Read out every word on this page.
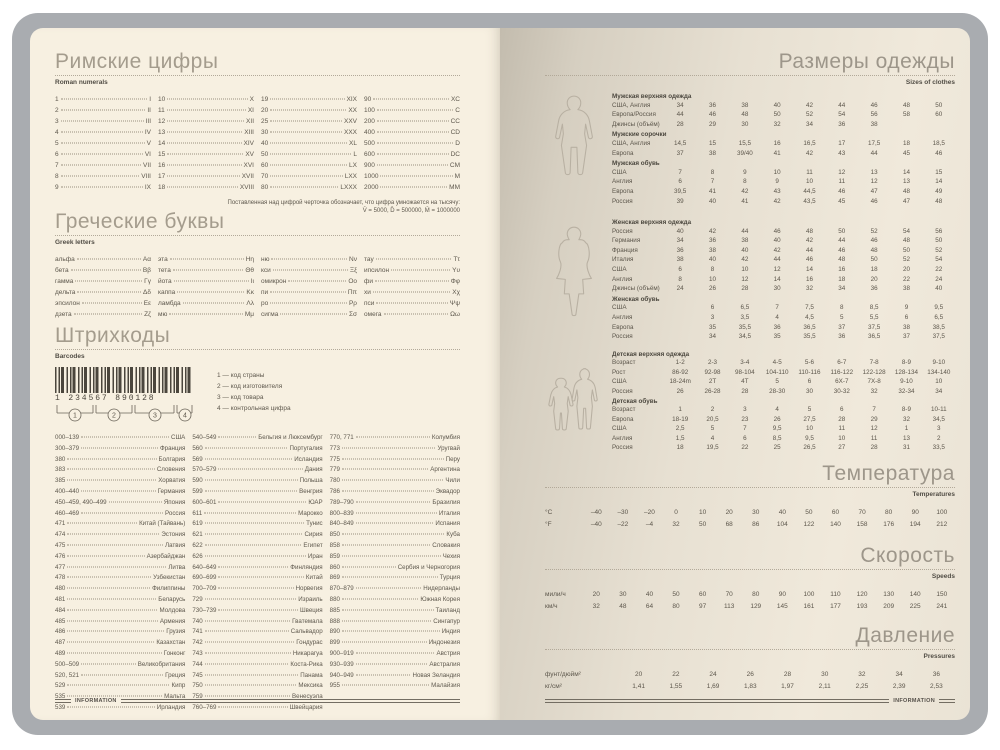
Римские цифры
Roman numerals
1	I
2	II
3	III
4	IV
5	V
6	VI
7	VII
8	VIII
9	IX
10	X
11	XI
12	XII
13	XIII
14	XIV
15	XV
16	XVI
17	XVII
18	XVIII
19	XIX
20	XX
25	XXV
30	XXX
40	XL
50	L
60	LX
70	LXX
80	LXXX
90	XC
100	C
200	CC
400	CD
500	D
600	DC
900	CM
1000	M
2000	MM
Поставленная над цифрой черточка обозначает, что цифра умножается на тысячу:
V̄ = 5000, D̄ = 500000, M̄ = 1000000
Греческие буквы
Greek letters
альфа	Αα
бета	Ββ
гамма	Γγ
дельта	Δδ
эпсилон	Εε
дзета	Ζζ
эта	Ηη
тета	Θθ
йота	Ιι
каппа	Κκ
ламбда	Λλ
мю	Μμ
ню	Νν
кси	Ξξ
омикрон	Οο
пи	Ππ
ро	Ρρ
сигма	Σσ
тау	Ττ
ипсилон	Υυ
фи	Φφ
хи	Χχ
пси	Ψψ
омега	Ωω
Штрихкоды
Barcodes
1 234567 890128
1	2	3	4
1 — код страны
2 — код изготовителя
3 — код товара
4 — контрольная цифра
000–139	США
300–379	Франция
380	Болгария
383	Словения
385	Хорватия
400–440	Германия
450–459, 490–499	Япония
460–469	Россия
471	Китай (Тайвань)
474	Эстония
475	Латвия
476	Азербайджан
477	Литва
478	Узбекистан
480	Филиппины
481	Беларусь
484	Молдова
485	Армения
486	Грузия
487	Казахстан
489	Гонконг
500–509	Великобритания
520, 521	Греция
529	Кипр
535	Мальта
539	Ирландия
540–549	Бельгия и Люксембург
560	Португалия
569	Исландия
570–579	Дания
590	Польша
599	Венгрия
600–601	ЮАР
611	Марокко
619	Тунис
621	Сирия
622	Египет
626	Иран
640–649	Финляндия
690–699	Китай
700–709	Норвегия
729	Израиль
730–739	Швеция
740	Гватемала
741	Сальвадор
742	Гондурас
743	Никарагуа
744	Коста-Рика
745	Панама
750	Мексика
759	Венесуэла
760–769	Швейцария
770, 771	Колумбия
773	Уругвай
775	Перу
779	Аргентина
780	Чили
786	Эквадор
789–790	Бразилия
800–839	Италия
840–849	Испания
850	Куба
858	Словакия
859	Чехия
860	Сербия и Черногория
869	Турция
870–879	Нидерланды
880	Южная Корея
885	Таиланд
888	Сингапур
890	Индия
899	Индонезия
900–919	Австрия
930–939	Австралия
940–949	Новая Зеландия
955	Малайзия
INFORMATION
Размеры одежды
Sizes of clothes
Мужская верхняя одежда
США, Англия	34	36	38	40	42	44	46	48	50
Европа/Россия	44	46	48	50	52	54	56	58	60
Джинсы (объём)	28	29	30	32	34	36	38
Мужские сорочки
США, Англия	14,5	15	15,5	16	16,5	17	17,5	18	18,5
Европа	37	38	39/40	41	42	43	44	45	46
Мужская обувь
США	7	8	9	10	11	12	13	14	15
Англия	6	7	8	9	10	11	12	13	14
Европа	39,5	41	42	43	44,5	46	47	48	49
Россия	39	40	41	42	43,5	45	46	47	48
Женская верхняя одежда
Россия	40	42	44	46	48	50	52	54	56
Германия	34	36	38	40	42	44	46	48	50
Франция	36	38	40	42	44	46	48	50	52
Италия	38	40	42	44	46	48	50	52	54
США	6	8	10	12	14	16	18	20	22
Англия	8	10	12	14	16	18	20	22	24
Джинсы (объём)	24	26	28	30	32	34	36	38	40
Женская обувь
США	6	6,5	7	7,5	8	8,5	9	9,5
Англия	3	3,5	4	4,5	5	5,5	6	6,5
Европа	35	35,5	36	36,5	37	37,5	38	38,5
Россия	34	34,5	35	35,5	36	36,5	37	37,5
Детская верхняя одежда
Возраст	1-2	2-3	3-4	4-5	5-6	6-7	7-8	8-9	9-10
Рост	86-92	92-98	98-104	104-110	110-116	116-122	122-128	128-134	134-140
США	18-24m	2T	4T	5	6	6X-7	7X-8	9-10	10
Россия	26	26-28	28	28-30	30	30-32	32	32-34	34
Детская обувь
Возраст	1	2	3	4	5	6	7	8-9	10-11
Европа	18-19	20,5	23	26	27,5	28	29	32	34,5
США	2,5	5	7	9,5	10	11	12	1	3
Англия	1,5	4	6	8,5	9,5	10	11	13	2
Россия	18	19,5	22	25	26,5	27	28	31	33,5
Температура
Temperatures
°C	–40	–30	–20	0	10	20	30	40	50	60	70	80	90	100
°F	–40	–22	–4	32	50	68	86	104	122	140	158	176	194	212
Скорость
Speeds
мили/ч	20	30	40	50	60	70	80	90	100	110	120	130	140	150
км/ч	32	48	64	80	97	113	129	145	161	177	193	209	225	241
Давление
Pressures
фунт/дюйм²	20	22	24	26	28	30	32	34	36
кг/см²	1,41	1,55	1,69	1,83	1,97	2,11	2,25	2,39	2,53
INFORMATION
